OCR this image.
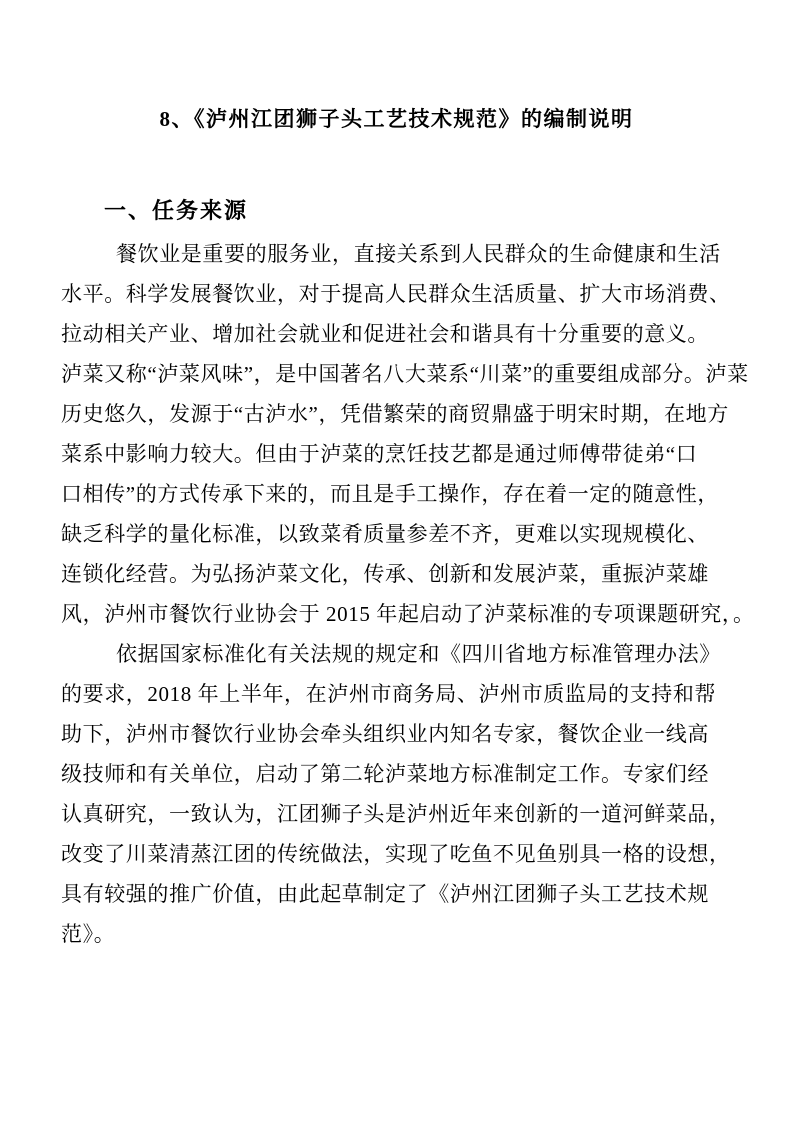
8、《泸州江团狮子头工艺技术规范》的编制说明
一、任务来源

餐饮业是重要的服务业，直接关系到人民群众的生命健康和生活
水平。科学发展餐饮业，对于提高人民群众生活质量、扩大市场消费、
拉动相关产业、增加社会就业和促进社会和谐具有十分重要的意义。
泸菜又称“泸菜风味”，是中国著名八大菜系“川菜”的重要组成部分。泸菜
历史悠久，发源于“古泸水”，凭借繁荣的商贸鼎盛于明宋时期，在地方
菜系中影响力较大。但由于泸菜的烹饪技艺都是通过师傅带徒弟“口
口相传”的方式传承下来的，而且是手工操作，存在着一定的随意性，
缺乏科学的量化标准，以致菜肴质量参差不齐，更难以实现规模化、
连锁化经营。为弘扬泸菜文化，传承、创新和发展泸菜，重振泸菜雄
风，泸州市餐饮行业协会于 2015 年起启动了泸菜标准的专项课题研究，。

依据国家标准化有关法规的规定和《四川省地方标准管理办法》
的要求，2018 年上半年，在泸州市商务局、泸州市质监局的支持和帮
助下，泸州市餐饮行业协会牵头组织业内知名专家，餐饮企业一线高
级技师和有关单位，启动了第二轮泸菜地方标准制定工作。专家们经
认真研究，一致认为，江团狮子头是泸州近年来创新的一道河鲜菜品，
改变了川菜清蒸江团的传统做法，实现了吃鱼不见鱼别具一格的设想，
具有较强的推广价值，由此起草制定了《泸州江团狮子头工艺技术规
范》。
